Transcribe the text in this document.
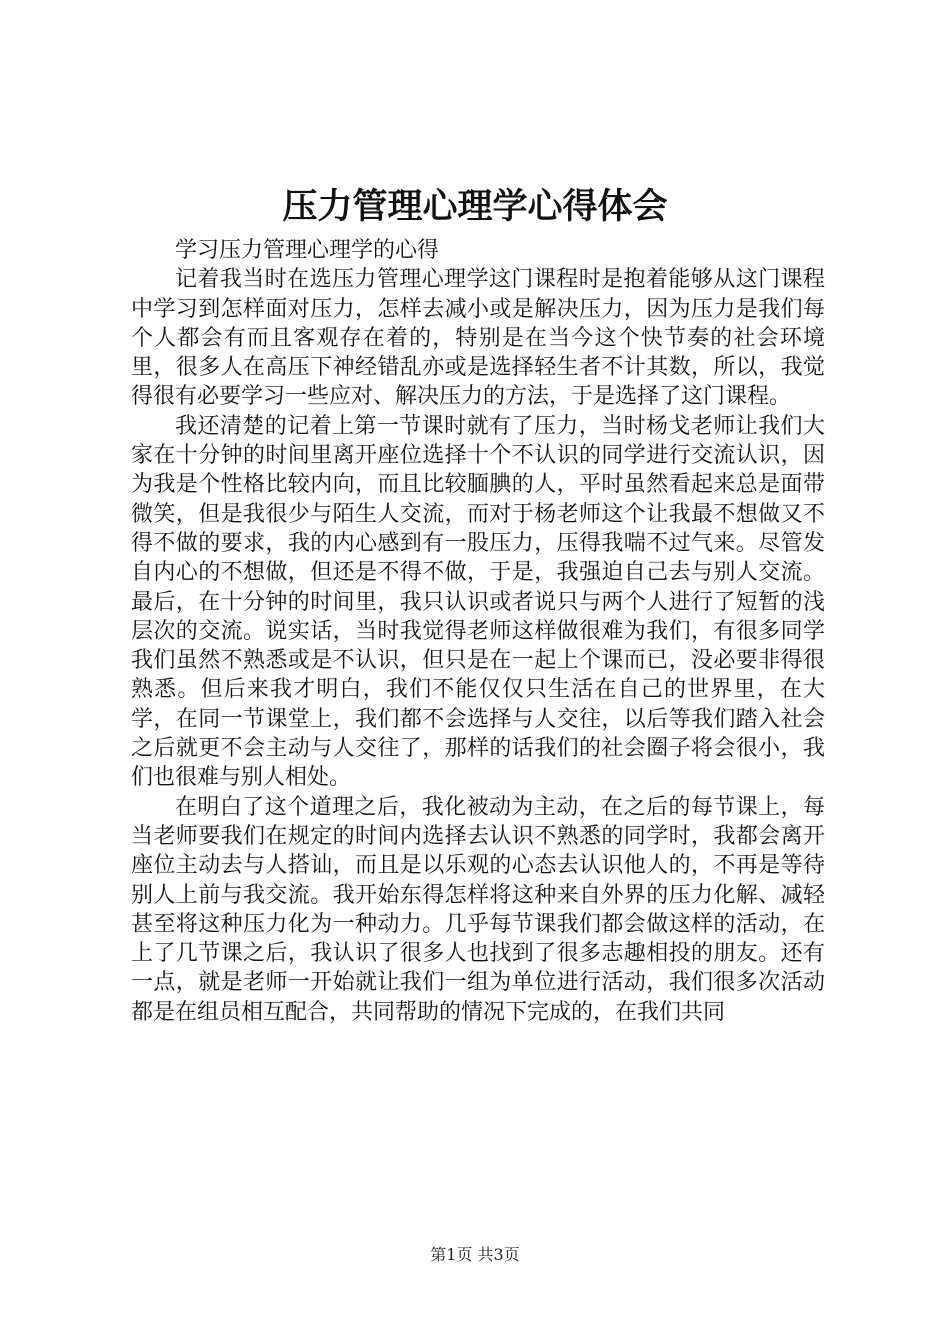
压力管理心理学心得体会
学习压力管理心理学的心得

记着我当时在选压力管理心理学这门课程时是抱着能够从这门课程中学习到怎样面对压力，怎样去减小或是解决压力，因为压力是我们每个人都会有而且客观存在着的，特别是在当今这个快节奏的社会环境里，很多人在高压下神经错乱亦或是选择轻生者不计其数，所以，我觉得很有必要学习一些应对、解决压力的方法，于是选择了这门课程。

我还清楚的记着上第一节课时就有了压力，当时杨戈老师让我们大家在十分钟的时间里离开座位选择十个不认识的同学进行交流认识，因为我是个性格比较内向，而且比较腼腆的人，平时虽然看起来总是面带微笑，但是我很少与陌生人交流，而对于杨老师这个让我最不想做又不得不做的要求，我的内心感到有一股压力，压得我喘不过气来。尽管发自内心的不想做，但还是不得不做，于是，我强迫自己去与别人交流。最后，在十分钟的时间里，我只认识或者说只与两个人进行了短暂的浅层次的交流。说实话，当时我觉得老师这样做很难为我们，有很多同学我们虽然不熟悉或是不认识，但只是在一起上个课而已，没必要非得很熟悉。但后来我才明白，我们不能仅仅只生活在自己的世界里，在大学，在同一节课堂上，我们都不会选择与人交往，以后等我们踏入社会之后就更不会主动与人交往了，那样的话我们的社会圈子将会很小，我们也很难与别人相处。

在明白了这个道理之后，我化被动为主动，在之后的每节课上，每当老师要我们在规定的时间内选择去认识不熟悉的同学时，我都会离开座位主动去与人搭讪，而且是以乐观的心态去认识他人的，不再是等待别人上前与我交流。我开始东得怎样将这种来自外界的压力化解、减轻甚至将这种压力化为一种动力。几乎每节课我们都会做这样的活动，在上了几节课之后，我认识了很多人也找到了很多志趣相投的朋友。还有一点，就是老师一开始就让我们一组为单位进行活动，我们很多次活动都是在组员相互配合，共同帮助的情况下完成的，在我们共同

第1页 共3页
